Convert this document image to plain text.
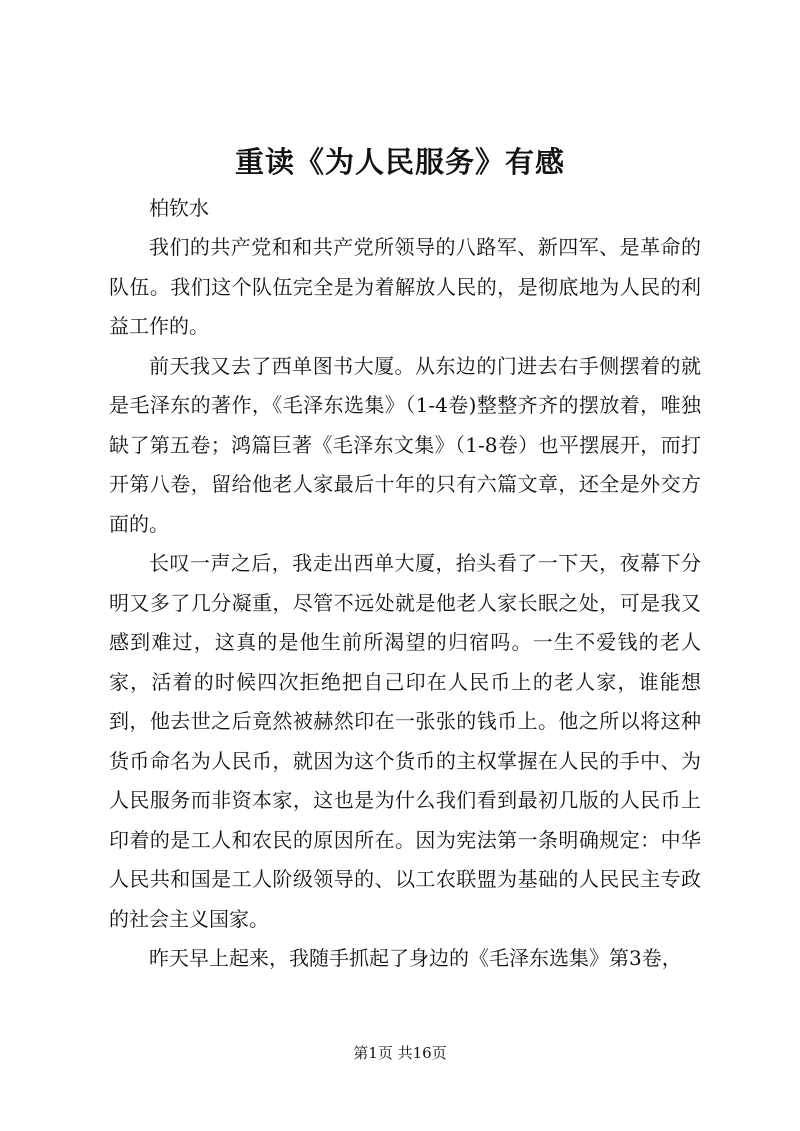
重读《为人民服务》有感
柏钦水

我们的共产党和和共产党所领导的八路军、新四军、是革命的队伍。我们这个队伍完全是为着解放人民的，是彻底地为人民的利益工作的。

前天我又去了西单图书大厦。从东边的门进去右手侧摆着的就是毛泽东的著作，《毛泽东选集》（1-4卷)整整齐齐的摆放着，唯独缺了第五卷；鸿篇巨著《毛泽东文集》（1-8卷）也平摆展开，而打开第八卷，留给他老人家最后十年的只有六篇文章，还全是外交方面的。

长叹一声之后，我走出西单大厦，抬头看了一下天，夜幕下分明又多了几分凝重，尽管不远处就是他老人家长眠之处，可是我又感到难过，这真的是他生前所渴望的归宿吗。一生不爱钱的老人家，活着的时候四次拒绝把自己印在人民币上的老人家，谁能想到，他去世之后竟然被赫然印在一张张的钱币上。他之所以将这种货币命名为人民币，就因为这个货币的主权掌握在人民的手中、为人民服务而非资本家，这也是为什么我们看到最初几版的人民币上印着的是工人和农民的原因所在。因为宪法第一条明确规定：中华人民共和国是工人阶级领导的、以工农联盟为基础的人民民主专政的社会主义国家。

昨天早上起来，我随手抓起了身边的《毛泽东选集》第3卷，

第1页 共16页
